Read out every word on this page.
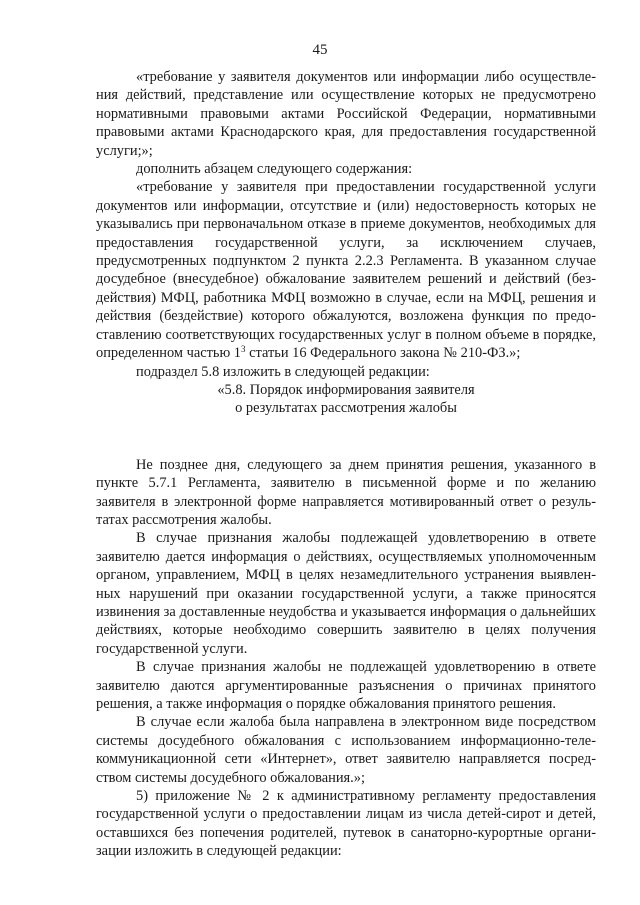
45

«требование у заявителя документов или информации либо осуществления действий, представление или осуществление которых не предусмотрено нормативными правовыми актами Российской Федерации, нормативными правовыми актами Краснодарского края, для предоставления государственной услуги;»;

дополнить абзацем следующего содержания:

«требование у заявителя при предоставлении государственной услуги документов или информации, отсутствие и (или) недостоверность которых не указывались при первоначальном отказе в приеме документов, необходимых для предоставления государственной услуги, за исключением случаев, предусмотренных подпунктом 2 пункта 2.2.3 Регламента. В указанном случае досудебное (внесудебное) обжалование заявителем решений и действий (бездействия) МФЦ, работника МФЦ возможно в случае, если на МФЦ, решения и действия (бездействие) которого обжалуются, возложена функция по предоставлению соответствующих государственных услуг в полном объеме в порядке, определенном частью $1^3$ статьи 16 Федерального закона № 210-ФЗ.»;

подраздел 5.8 изложить в следующей редакции:

«5.8. Порядок информирования заявителя

о результатах рассмотрения жалобы

Не позднее дня, следующего за днем принятия решения, указанного в пункте 5.7.1 Регламента, заявителю в письменной форме и по желанию заявителя в электронной форме направляется мотивированный ответ о результатах рассмотрения жалобы.

В случае признания жалобы подлежащей удовлетворению в ответе заявителю дается информация о действиях, осуществляемых уполномоченным органом, управлением, МФЦ в целях незамедлительного устранения выявленных нарушений при оказании государственной услуги, а также приносятся извинения за доставленные неудобства и указывается информация о дальнейших действиях, которые необходимо совершить заявителю в целях получения государственной услуги.

В случае признания жалобы не подлежащей удовлетворению в ответе заявителю даются аргументированные разъяснения о причинах принятого решения, а также информация о порядке обжалования принятого решения.

В случае если жалоба была направлена в электронном виде посредством системы досудебного обжалования с использованием информационно-телекоммуникационной сети «Интернет», ответ заявителю направляется посредством системы досудебного обжалования.»;

5) приложение № 2 к административному регламенту предоставления государственной услуги о предоставлении лицам из числа детей-сирот и детей, оставшихся без попечения родителей, путевок в санаторно-курортные организации изложить в следующей редакции:
